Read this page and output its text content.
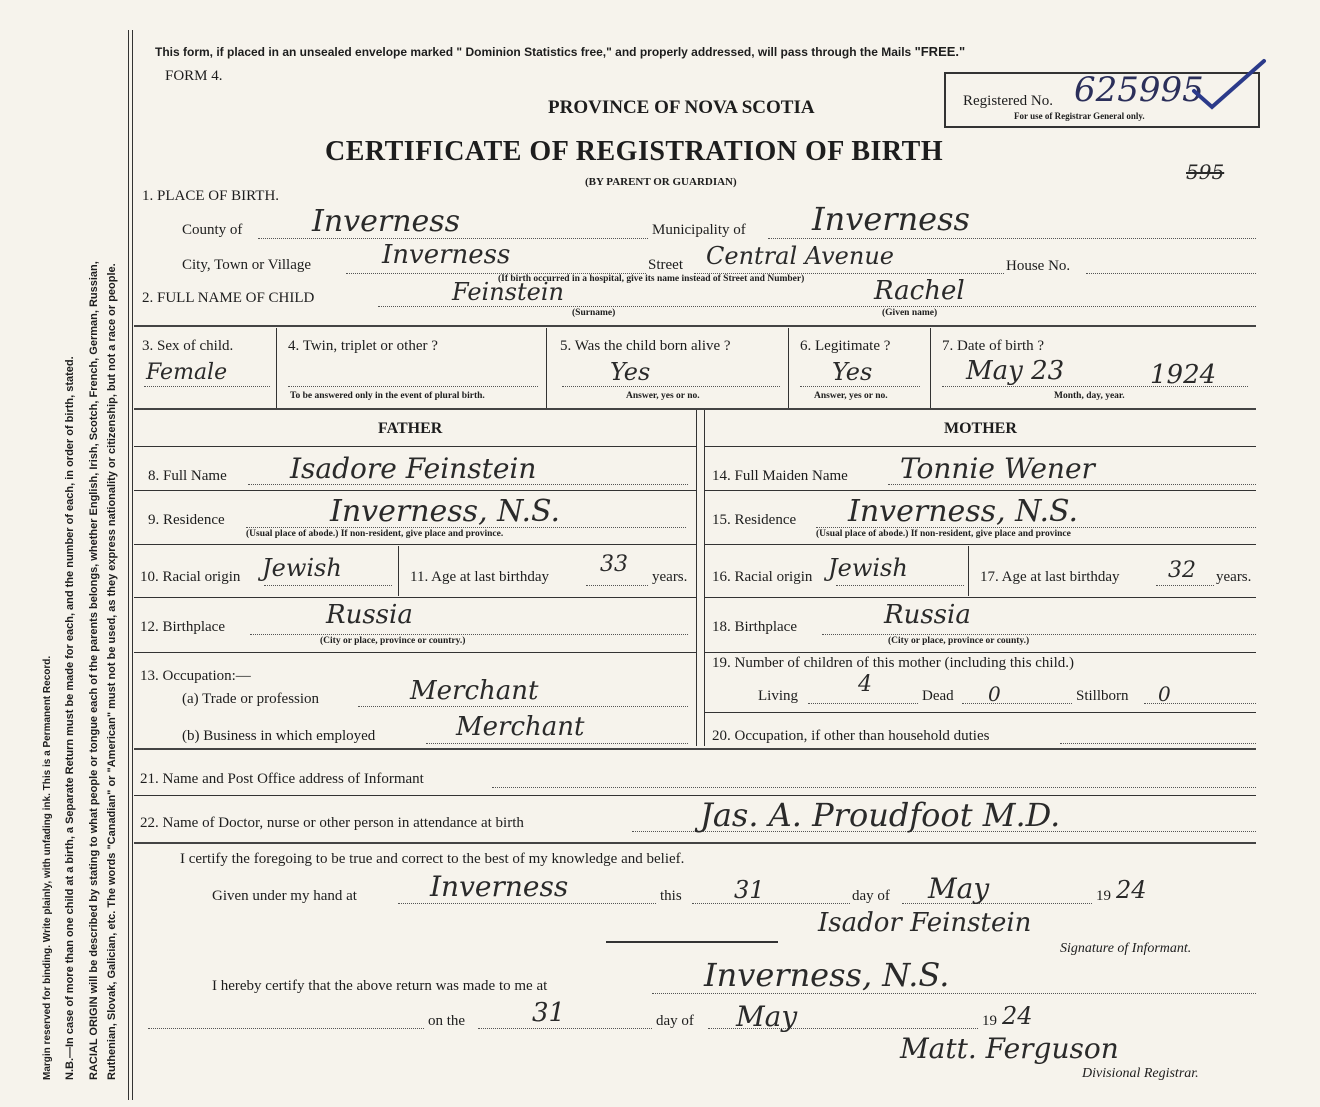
Margin reserved for binding. Write plainly, with unfading ink. This is a Permanent Record. N.B.—In case of more than one child at a birth, a Separate Return must be made for each, and the number of each, in order of birth, stated. RACIAL ORIGIN will be described by stating to what people or tongue each of the parents belongs, whether English, Irish, Scotch, French, German, Russian, Ruthenian, Slovak, Galician, etc. The words "Canadian" or "American" must not be used, as they express nationality or citizenship, but not a race or people.
This form, if placed in an unsealed envelope marked " Dominion Statistics free," and properly addressed, will pass through the Mails "FREE."
FORM 4.
PROVINCE OF NOVA SCOTIA
CERTIFICATE OF REGISTRATION OF BIRTH
(BY PARENT OR GUARDIAN)
Registered No. 625995
For use of Registrar General only.
595
1. PLACE OF BIRTH.
County of Inverness	Municipality of Inverness
City, Town or Village	Inverness	Street Central Avenue	House No.
(If birth occurred in a hospital, give its name instead of Street and Number)
2. FULL NAME OF CHILD	Feinstein	Rachel
(Surname)	(Given name)
3. Sex of child.
Female
4. Twin, triplet or other ?
To be answered only in the event of plural birth.
5. Was the child born alive ?
Yes
Answer, yes or no.
6. Legitimate ?
Yes
Answer, yes or no.
7. Date of birth ?
May 23	1924
Month, day, year.
FATHER	MOTHER
8. Full Name Isadore Feinstein
9. Residence	Inverness, N.S.
(Usual place of abode.) If non-resident, give place and province.
10. Racial origin Jewish	11. Age at last birthday 33 years.
12. Birthplace	Russia
(City or place, province or country.)
13. Occupation:—
(a) Trade or profession	Merchant
(b) Business in which employed	Merchant
14. Full Maiden Name Tonnie Wener
15. Residence Inverness, N.S.
(Usual place of abode.) If non-resident, give place and province
16. Racial origin Jewish	17. Age at last birthday 32 years.
18. Birthplace	Russia
(City or place, province or county.)
19. Number of children of this mother (including this child.)
Living	4	Dead 0	Stillborn 0
20. Occupation, if other than household duties
21. Name and Post Office address of Informant
22. Name of Doctor, nurse or other person in attendance at birth	Jas. A. Proudfoot M.D.
I certify the foregoing to be true and correct to the best of my knowledge and belief.
Given under my hand at	Inverness	this 31	day of May	19 24
Isador Feinstein
Signature of Informant.
I hereby certify that the above return was made to me at	Inverness, N.S.
on the	31	day of May	19 24
Matt. Ferguson
Divisional Registrar.
